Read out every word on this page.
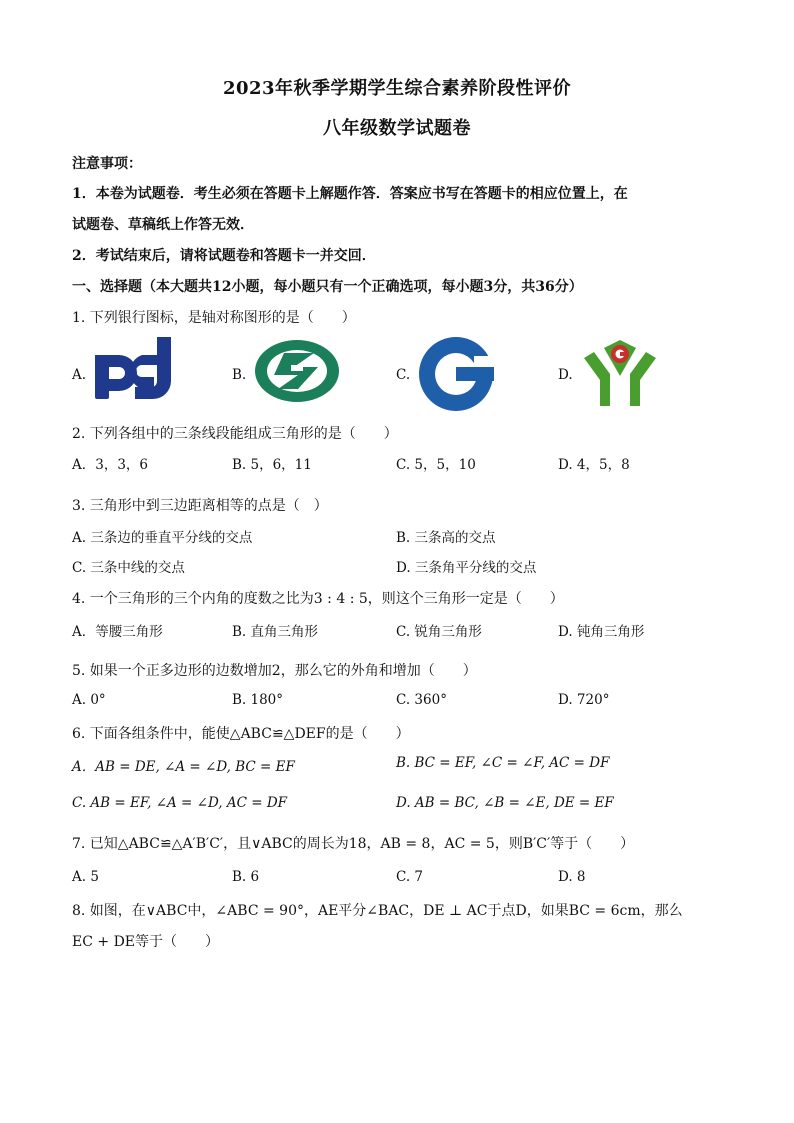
2023年秋季学期学生综合素养阶段性评价
八年级数学试题卷
注意事项：
1．本卷为试题卷．考生必须在答题卡上解题作答．答案应书写在答题卡的相应位置上，在
试题卷、草稿纸上作答无效．
2．考试结束后，请将试题卷和答题卡一并交回．
一、选择题（本大题共12小题，每小题只有一个正确选项，每小题3分，共36分）
1. 下列银行图标，是轴对称图形的是（　　）
A.	B.	C.	D.
2. 下列各组中的三条线段能组成三角形的是（　　）
A．3，3，6	B. 5，6，11	C. 5，5，10	D. 4，5，8
3. 三角形中到三边距离相等的点是（　）
A. 三条边的垂直平分线的交点	B. 三条高的交点
C. 三条中线的交点	D. 三条角平分线的交点
4. 一个三角形的三个内角的度数之比为3 : 4 : 5，则这个三角形一定是（　　）
A．等腰三角形	B. 直角三角形	C. 锐角三角形	D. 钝角三角形
5. 如果一个正多边形的边数增加2，那么它的外角和增加（　　）
A. 0°	B. 180°	C. 360°	D. 720°
6. 下面各组条件中，能使△ABC≌△DEF的是（　　）
A．AB = DE, ∠A = ∠D, BC = EF	B. BC = EF, ∠C = ∠F, AC = DF
C. AB = EF, ∠A = ∠D, AC = DF	D. AB = BC, ∠B = ∠E, DE = EF
7. 已知△ABC≌△A′B′C′，且∨ABC的周长为18，AB = 8，AC = 5，则B′C′等于（　　）
A. 5	B. 6	C. 7	D. 8
8. 如图，在∨ABC中，∠ABC = 90°，AE平分∠BAC，DE ⊥ AC于点D，如果BC = 6cm，那么
EC + DE等于（　　）
